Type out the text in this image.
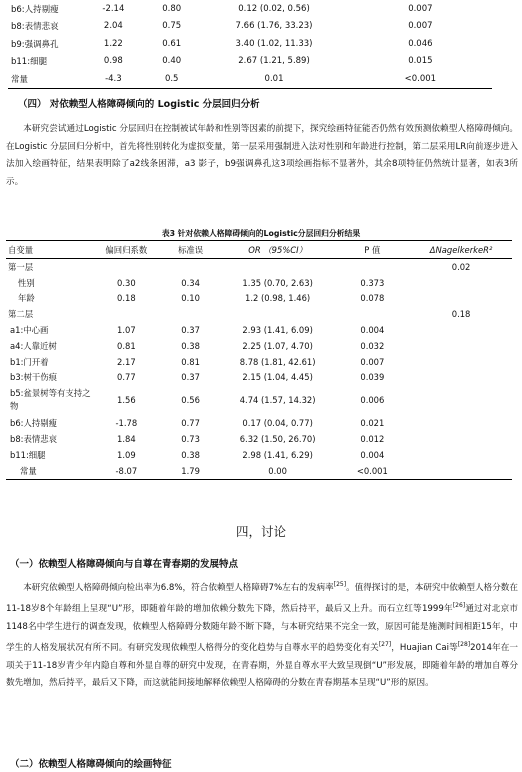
b6:人持剔瘦	-2.14	0.80	0.12 (0.02, 0.56)	0.007
b8:表情悲哀	2.04	0.75	7.66 (1.76, 33.23)	0.007
b9:强调鼻孔	1.22	0.61	3.40 (1.02, 11.33)	0.046
b11:细腿	0.98	0.40	2.67 (1.21, 5.89)	0.015
常量	-4.3	0.5	0.01	<0.001
（四） 对依赖型人格障碍倾向的 Logistic 分层回归分析

本研究尝试通过Logistic 分层回归在控制被试年龄和性别等因素的前提下，探究绘画特征能否仍然有效预测依赖型人格障碍倾向。在Logistic 分层回归分析中，首先将性别转化为虚拟变量，第一层采用强制进入法对性别和年龄进行控制，第二层采用LR向前逐步进入法加入绘画特征，结果表明除了a2线条困滞，a3 影子，b9强调鼻孔这3项绘画指标不显著外，其余8项特征仍然统计显著，如表3所示。

表3 针对依赖人格障碍倾向的Logistic分层回归分析结果
自变量	偏回归系数	标准误	OR （95%CI）	P 值	ΔNagelkerkeR²
第一层					0.02
性别	0.30	0.34	1.35 (0.70, 2.63)	0.373	
年龄	0.18	0.10	1.2 (0.98, 1.46)	0.078	
第二层					0.18
a1:中心画	1.07	0.37	2.93 (1.41, 6.09)	0.004	
a4:人靠近树	0.81	0.38	2.25 (1.07, 4.70)	0.032	
b1:门开着	2.17	0.81	8.78 (1.81, 42.61)	0.007	
b3:树干伤痕	0.77	0.37	2.15 (1.04, 4.45)	0.039	
b5:盆景树等有支持之物	1.56	0.56	4.74 (1.57, 14.32)	0.006	
b6:人持剔瘦	-1.78	0.77	0.17 (0.04, 0.77)	0.021	
b8:表情悲哀	1.84	0.73	6.32 (1.50, 26.70)	0.012	
b11:细腿	1.09	0.38	2.98 (1.41, 6.29)	0.004	
常量	-8.07	1.79	0.00	<0.001	
四，讨论
（一）依赖型人格障碍倾向与自尊在青春期的发展特点

本研究依赖型人格障碍倾向检出率为6.8%，符合依赖型人格障碍7%左右的发病率[25]。值得探讨的是，本研究中依赖型人格分数在11-18岁8个年龄组上呈现“U”形，即随着年龄的增加依赖分数先下降，然后持平，最后又上升。而石立红等1999年[26]通过对北京市1148名中学生进行的调查发现，依赖型人格障碍分数随年龄不断下降，与本研究结果不完全一致，原因可能是施测时间相距15年，中学生的人格发展状况有所不同。有研究发现依赖型人格得分的变化趋势与自尊水平的趋势变化有关[27]，Huajian Cai等[28]2014年在一项关于11-18岁青少年内隐自尊和外显自尊的研究中发现，在青春期，外显自尊水平大致呈现倒“U”形发展，即随着年龄的增加自尊分数先增加，然后持平，最后又下降，而这就能间接地解释依赖型人格障碍的分数在青春期基本呈现“U”形的原因。

（二）依赖型人格障碍倾向的绘画特征
